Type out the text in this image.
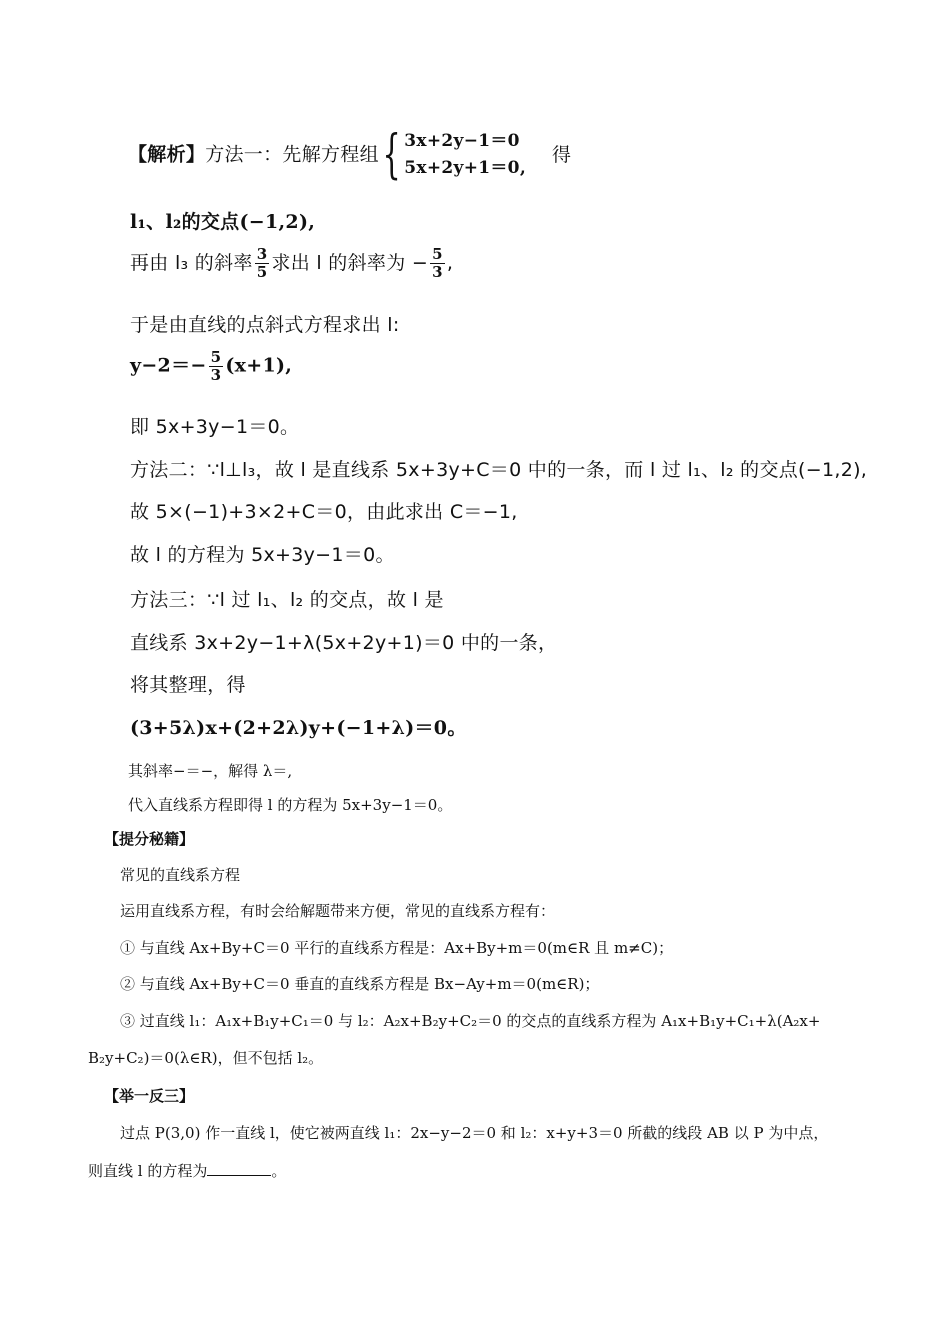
【解析】方法一：先解方程组 { 3x+2y−1＝0
5x+2y+1＝0,
得
l₁、l₂的交点(−1,2),
再由 l₃ 的斜率 $\frac{3}{5}$ 求出 l 的斜率为 − $\frac{5}{3}$ ,
于是由直线的点斜式方程求出 l:
$y-2=- \frac{5}{3} (x+1)$,
即 5x+3y−1＝0。
方法二：∵l⊥l₃，故 l 是直线系 5x+3y+C＝0 中的一条，而 l 过 l₁、l₂ 的交点(−1,2),
故 5×(−1)+3×2+C＝0，由此求出 C＝−1,
故 l 的方程为 5x+3y−1＝0。
方法三：∵l 过 l₁、l₂ 的交点，故 l 是
直线系 3x+2y−1+λ(5x+2y+1)＝0 中的一条，
将其整理，得
(3+5λ)x+(2+2λ)y+(−1+λ)＝0。
其斜率−＝−，解得 λ＝,
代入直线系方程即得 l 的方程为 5x+3y−1＝0。
【提分秘籍】
常见的直线系方程
运用直线系方程，有时会给解题带来方便，常见的直线系方程有：
① 与直线 Ax+By+C＝0 平行的直线系方程是：Ax+By+m＝0(m∈R 且 m≠C)；
② 与直线 Ax+By+C＝0 垂直的直线系方程是 Bx−Ay+m＝0(m∈R)；
③ 过直线 l₁：A₁x+B₁y+C₁＝0 与 l₂：A₂x+B₂y+C₂＝0 的交点的直线系方程为 A₁x+B₁y+C₁+λ(A₂x+
B₂y+C₂)＝0(λ∈R)，但不包括 l₂。
【举一反三】
过点 P(3,0) 作一直线 l，使它被两直线 l₁：2x−y−2＝0 和 l₂：x+y+3＝0 所截的线段 AB 以 P 为中点，
则直线 l 的方程为	。
